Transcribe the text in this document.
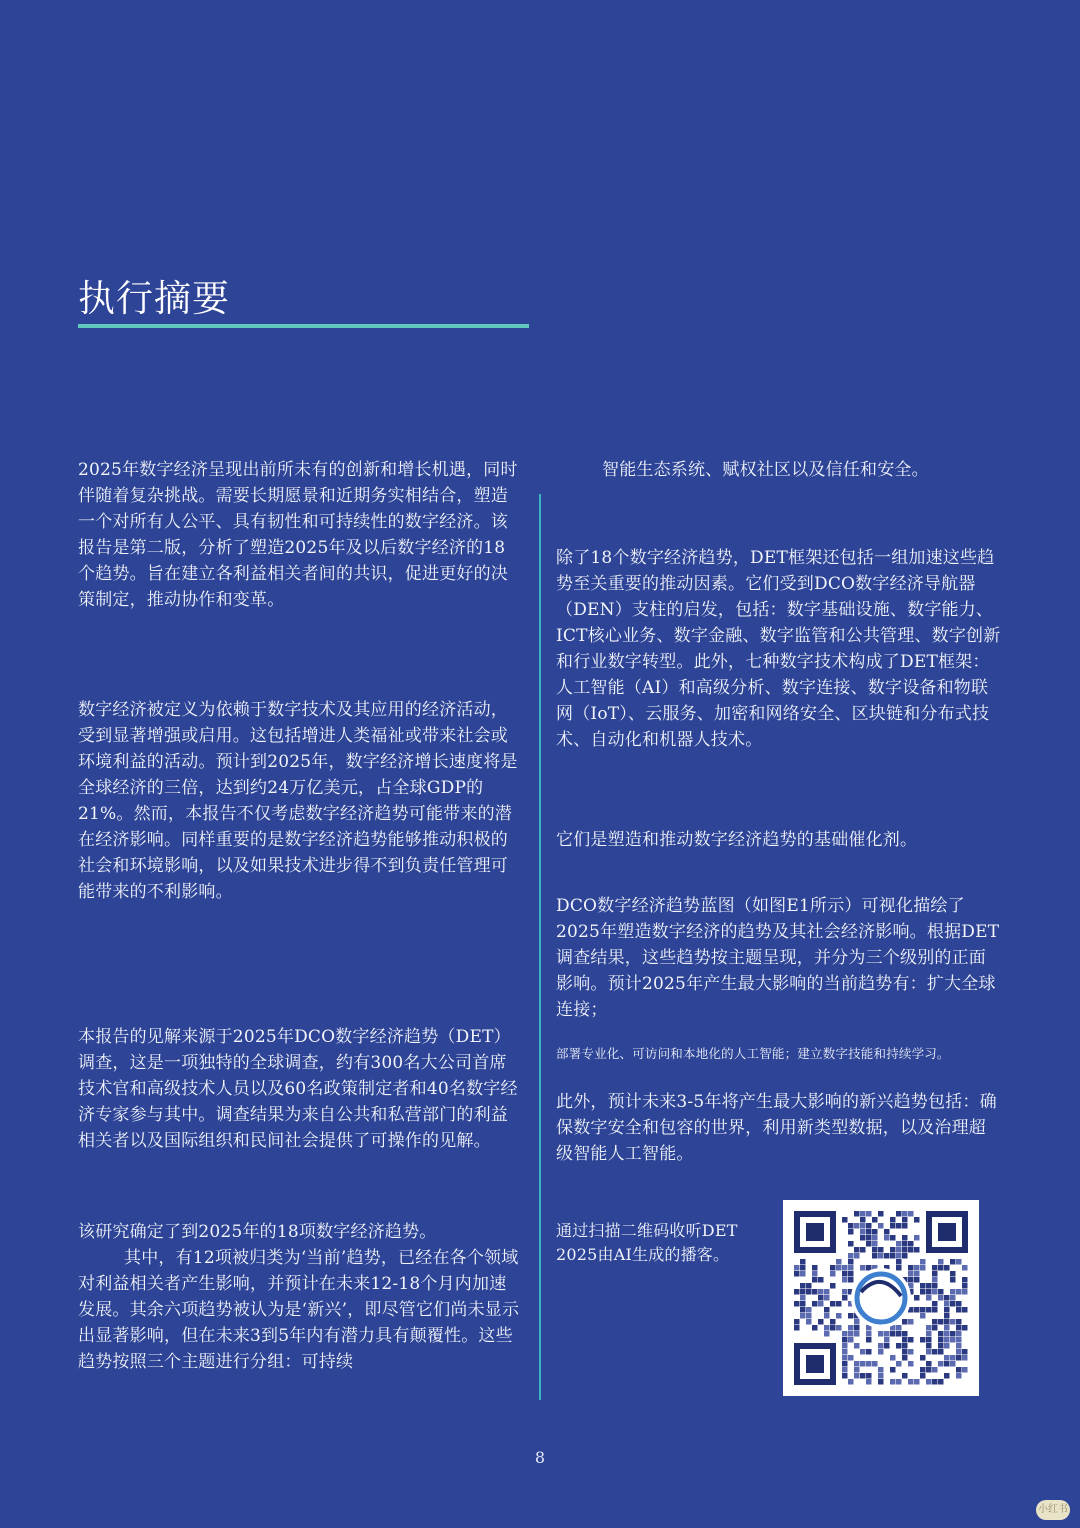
执行摘要

2025年数字经济呈现出前所未有的创新和增长机遇，同时伴随着复杂挑战。需要长期愿景和近期务实相结合，塑造一个对所有人公平、具有韧性和可持续性的数字经济。该报告是第二版，分析了塑造2025年及以后数字经济的18个趋势。旨在建立各利益相关者间的共识，促进更好的决策制定，推动协作和变革。

数字经济被定义为依赖于数字技术及其应用的经济活动，受到显著增强或启用。这包括增进人类福祉或带来社会或环境利益的活动。预计到2025年，数字经济增长速度将是全球经济的三倍，达到约24万亿美元，占全球GDP的21%。然而，本报告不仅考虑数字经济趋势可能带来的潜在经济影响。同样重要的是数字经济趋势能够推动积极的社会和环境影响，以及如果技术进步得不到负责任管理可能带来的不利影响。

本报告的见解来源于2025年DCO数字经济趋势（DET）调查，这是一项独特的全球调查，约有300名大公司首席技术官和高级技术人员以及60名政策制定者和40名数字经济专家参与其中。调查结果为来自公共和私营部门的利益相关者以及国际组织和民间社会提供了可操作的见解。

该研究确定了到2025年的18项数字经济趋势。
其中，有12项被归类为‘当前’趋势，已经在各个领域对利益相关者产生影响，并预计在未来12-18个月内加速发展。其余六项趋势被认为是‘新兴’，即尽管它们尚未显示出显著影响，但在未来3到5年内有潜力具有颠覆性。这些趋势按照三个主题进行分组：可持续

智能生态系统、赋权社区以及信任和安全。

除了18个数字经济趋势，DET框架还包括一组加速这些趋势至关重要的推动因素。它们受到DCO数字经济导航器（DEN）支柱的启发，包括：数字基础设施、数字能力、ICT核心业务、数字金融、数字监管和公共管理、数字创新和行业数字转型。此外，七种数字技术构成了DET框架：人工智能（AI）和高级分析、数字连接、数字设备和物联网（IoT）、云服务、加密和网络安全、区块链和分布式技术、自动化和机器人技术。

它们是塑造和推动数字经济趋势的基础催化剂。

DCO数字经济趋势蓝图（如图E1所示）可视化描绘了2025年塑造数字经济的趋势及其社会经济影响。根据DET调查结果，这些趋势按主题呈现，并分为三个级别的正面影响。预计2025年产生最大影响的当前趋势有：扩大全球连接；

部署专业化、可访问和本地化的人工智能；建立数字技能和持续学习。

此外，预计未来3-5年将产生最大影响的新兴趋势包括：确保数字安全和包容的世界，利用新类型数据，以及治理超级智能人工智能。

通过扫描二维码收听DET 2025由AI生成的播客。

8
小红书
